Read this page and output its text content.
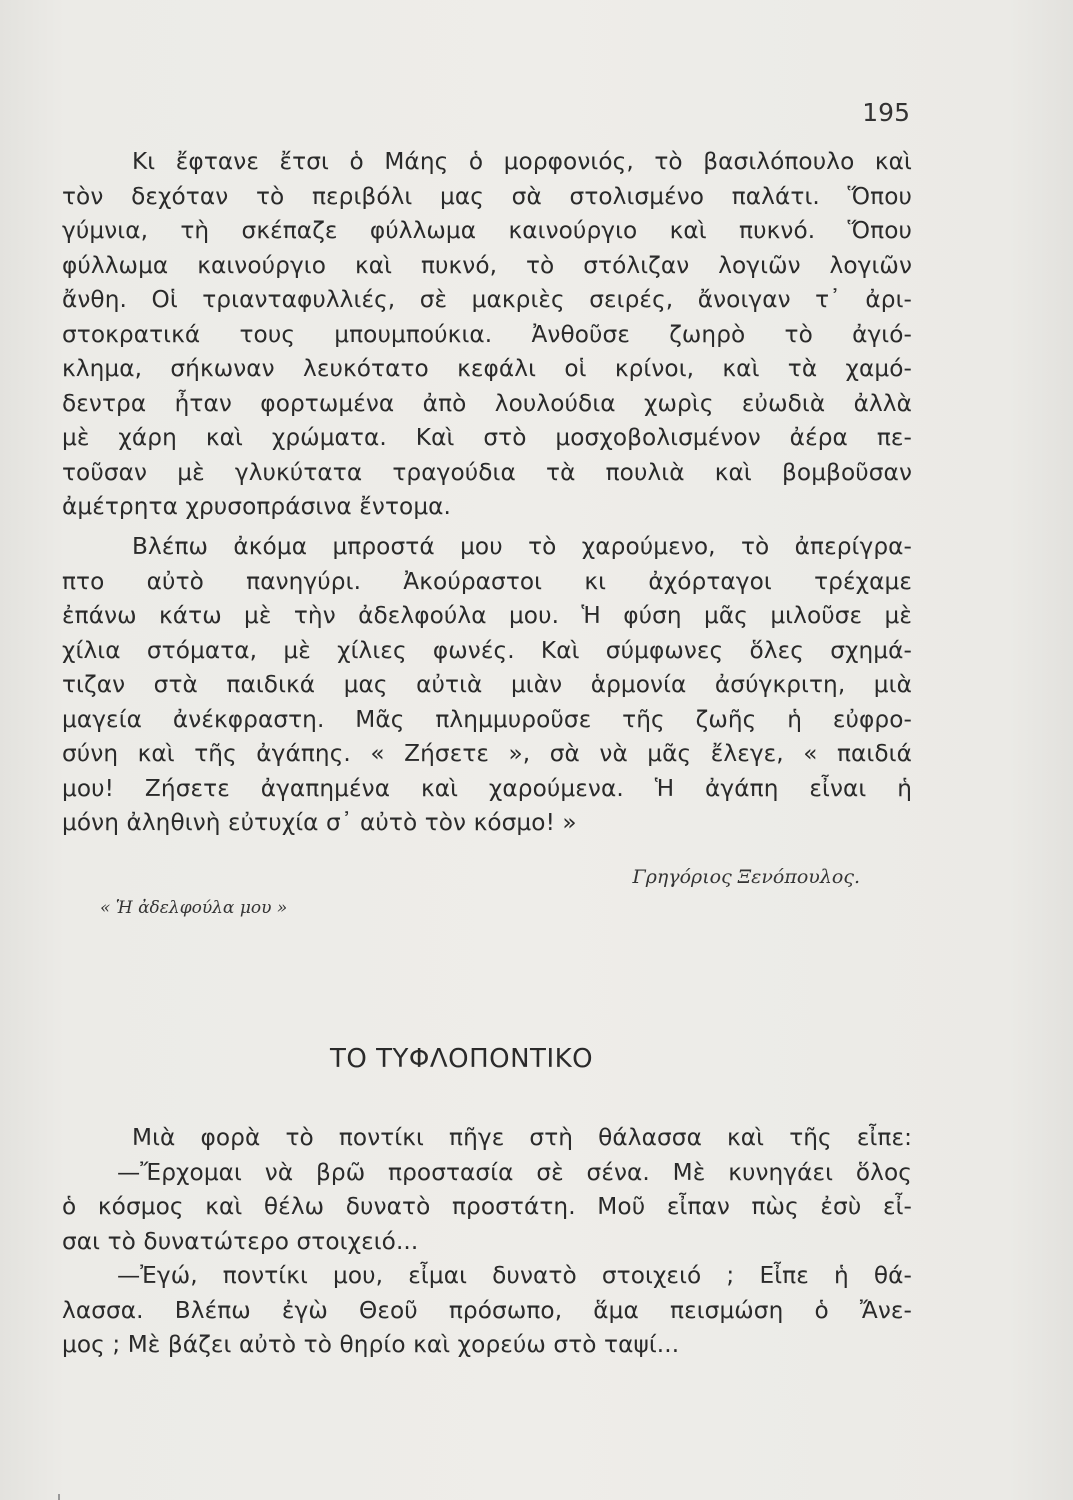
195
Κι ἔφτανε ἔτσι ὁ Μάης ὁ μορφονιός, τὸ βασιλόπουλο καὶ
τὸν δεχόταν τὸ περιβόλι μας σὰ στολισμένο παλάτι. Ὅπου
γύμνια, τὴ σκέπαζε φύλλωμα καινούργιο καὶ πυκνό. Ὅπου
φύλλωμα καινούργιο καὶ πυκνό, τὸ στόλιζαν λογιῶν λογιῶν
ἄνθη. Οἱ τριανταφυλλιές, σὲ μακριὲς σειρές, ἄνοιγαν τ᾽ ἀρι-
στοκρατικά τους μπουμπούκια. Ἀνθοῦσε ζωηρὸ τὸ ἀγιό-
κλημα, σήκωναν λευκότατο κεφάλι οἱ κρίνοι, καὶ τὰ χαμό-
δεντρα ἦταν φορτωμένα ἀπὸ λουλούδια χωρὶς εὐωδιὰ ἀλλὰ
μὲ χάρη καὶ χρώματα. Καὶ στὸ μοσχοβολισμένον ἀέρα πε-
τοῦσαν μὲ γλυκύτατα τραγούδια τὰ πουλιὰ καὶ βομβοῦσαν
ἀμέτρητα χρυσοπράσινα ἔντομα.
Βλέπω ἀκόμα μπροστά μου τὸ χαρούμενο, τὸ ἀπερίγρα-
πτο αὐτὸ πανηγύρι. Ἀκούραστοι κι ἀχόρταγοι τρέχαμε
ἐπάνω κάτω μὲ τὴν ἀδελφούλα μου. Ἡ φύση μᾶς μιλοῦσε μὲ
χίλια στόματα, μὲ χίλιες φωνές. Καὶ σύμφωνες ὅλες σχημά-
τιζαν στὰ παιδικά μας αὐτιὰ μιὰν ἁρμονία ἀσύγκριτη, μιὰ
μαγεία ἀνέκφραστη. Μᾶς πλημμυροῦσε τῆς ζωῆς ἡ εὐφρο-
σύνη καὶ τῆς ἀγάπης. « Ζήσετε », σὰ νὰ μᾶς ἔλεγε, « παιδιά
μου! Ζήσετε ἀγαπημένα καὶ χαρούμενα. Ἡ ἀγάπη εἶναι ἡ
μόνη ἀληθινὴ εὐτυχία σ᾽ αὐτὸ τὸν κόσμο! »
Γρηγόριος Ξενόπουλος.
« Ἡ ἀδελφούλα μου »
ΤΟ ΤΥΦΛΟΠΟΝΤΙΚΟ
Μιὰ φορὰ τὸ ποντίκι πῆγε στὴ θάλασσα καὶ τῆς εἶπε:
—Ἔρχομαι νὰ βρῶ προστασία σὲ σένα. Μὲ κυνηγάει ὅλος
ὁ κόσμος καὶ θέλω δυνατὸ προστάτη. Μοῦ εἶπαν πὼς ἐσὺ εἶ-
σαι τὸ δυνατώτερο στοιχειό...
—Ἐγώ, ποντίκι μου, εἶμαι δυνατὸ στοιχειό ; Εἶπε ἡ θά-
λασσα. Βλέπω ἐγὼ Θεοῦ πρόσωπο, ἅμα πεισμώση ὁ Ἄνε-
μος ; Μὲ βάζει αὐτὸ τὸ θηρίο καὶ χορεύω στὸ ταψί...
